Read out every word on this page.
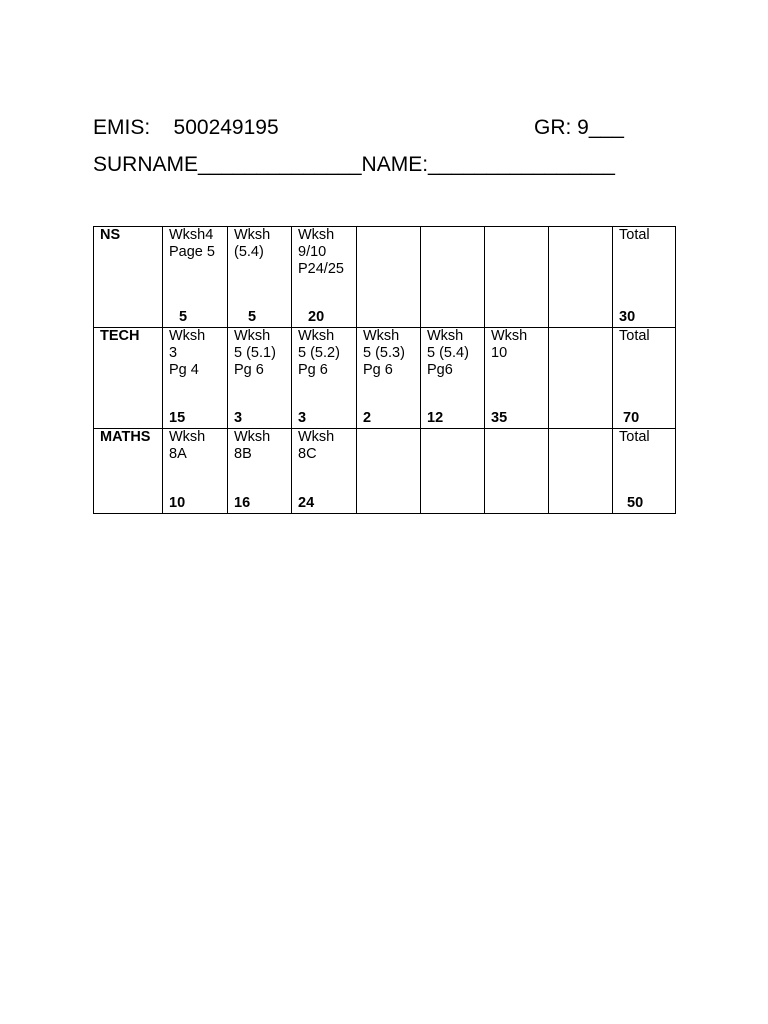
EMIS: 500249195	GR: 9___
SURNAME______________NAME:________________
NS	Wksh4
Page 5
5	Wksh
(5.4)
5	Wksh
9/10
P24/25
20					Total
30

TECH	Wksh
3
Pg 4
15	Wksh
5 (5.1)
Pg 6
3	Wksh
5 (5.2)
Pg 6
3	Wksh
5 (5.3)
Pg 6
2	Wksh
5 (5.4)
Pg6
12	Wksh
10
35		Total
70

MATHS	Wksh
8A
10	Wksh
8B
16	Wksh
8C
24					Total
50
